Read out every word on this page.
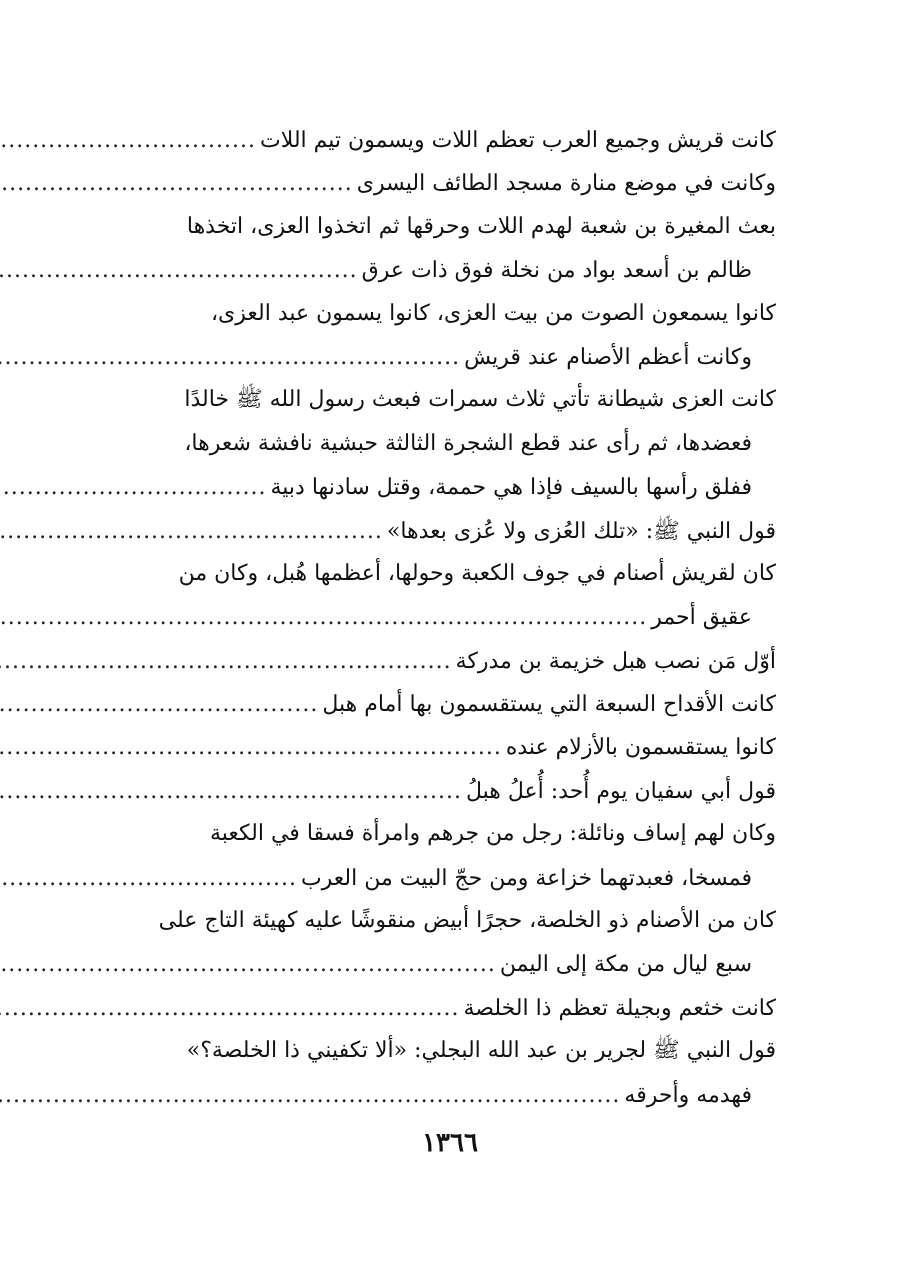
كانت قريش وجميع العرب تعظم اللات ويسمون تيم اللات
.....
وكانت في موضع منارة مسجد الطائف اليسرى
.....
بعث المغيرة بن شعبة لهدم اللات وحرقها ثم اتخذوا العزى، اتخذها
ظالم بن أسعد بواد من نخلة فوق ذات عرق
.....
كانوا يسمعون الصوت من بيت العزى، كانوا يسمون عبد العزى،
وكانت أعظم الأصنام عند قريش
.....
كانت العزى شيطانة تأتي ثلاث سمرات فبعث رسول الله ﷺ خالدًا
فعضدها، ثم رأى عند قطع الشجرة الثالثة حبشية نافشة شعرها،
ففلق رأسها بالسيف فإذا هي حممة، وقتل سادنها دبية
.....
قول النبي ﷺ: «تلك العُزى ولا عُزى بعدها»
.....
كان لقريش أصنام في جوف الكعبة وحولها، أعظمها هُبل، وكان من
عقيق أحمر
.....
أوّل مَن نصب هبل خزيمة بن مدركة
.....
كانت الأقداح السبعة التي يستقسمون بها أمام هبل
.....
كانوا يستقسمون بالأزلام عنده
.....
قول أبي سفيان يوم أُحد: أُعلُ هبلُ
.....
وكان لهم إساف ونائلة: رجل من جرهم وامرأة فسقا في الكعبة
فمسخا، فعبدتهما خزاعة ومن حجّ البيت من العرب
.....
كان من الأصنام ذو الخلصة، حجرًا أبيض منقوشًا عليه كهيئة التاج على
سبع ليال من مكة إلى اليمن
.....
كانت خثعم وبجيلة تعظم ذا الخلصة
.....
قول النبي ﷺ لجرير بن عبد الله البجلي: «ألا تكفيني ذا الخلصة؟»
فهدمه وأحرقه
.....
١٣٦٦
